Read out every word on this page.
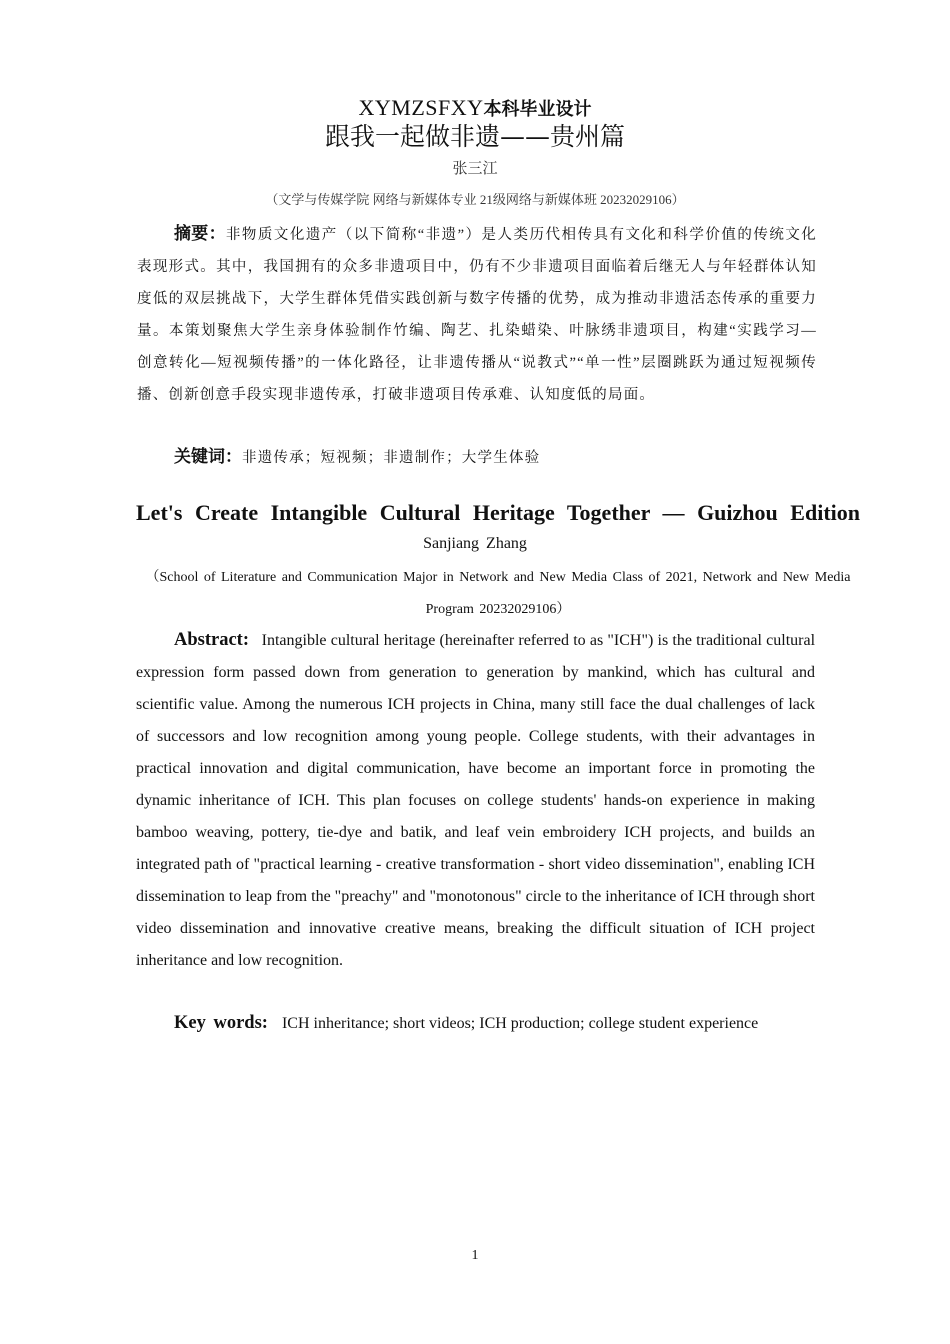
XYMZSFXY本科毕业设计
跟我一起做非遗——贵州篇
张三江
（文学与传媒学院 网络与新媒体专业 21级网络与新媒体班 20232029106）
摘要：非物质文化遗产（以下简称“非遗”）是人类历代相传具有文化和科学价值的传统文化表现形式。其中，我国拥有的众多非遗项目中，仍有不少非遗项目面临着后继无人与年轻群体认知度低的双层挑战下，大学生群体凭借实践创新与数字传播的优势，成为推动非遗活态传承的重要力量。本策划聚焦大学生亲身体验制作竹编、陶艺、扎染蜡染、叶脉绣非遗项目，构建“实践学习—创意转化—短视频传播”的一体化路径，让非遗传播从“说教式”“单一性”层圈跳跃为通过短视频传播、创新创意手段实现非遗传承，打破非遗项目传承难、认知度低的局面。
关键词：非遗传承；短视频；非遗制作；大学生体验
Let's Create Intangible Cultural Heritage Together — Guizhou Edition
Sanjiang Zhang
（School of Literature and Communication Major in Network and New Media Class of 2021, Network and New Media Program 20232029106）
Abstract: Intangible cultural heritage (hereinafter referred to as "ICH") is the traditional cultural expression form passed down from generation to generation by mankind, which has cultural and scientific value. Among the numerous ICH projects in China, many still face the dual challenges of lack of successors and low recognition among young people. College students, with their advantages in practical innovation and digital communication, have become an important force in promoting the dynamic inheritance of ICH. This plan focuses on college students' hands-on experience in making bamboo weaving, pottery, tie-dye and batik, and leaf vein embroidery ICH projects, and builds an integrated path of "practical learning - creative transformation - short video dissemination", enabling ICH dissemination to leap from the "preachy" and "monotonous" circle to the inheritance of ICH through short video dissemination and innovative creative means, breaking the difficult situation of ICH project inheritance and low recognition.
Key words: ICH inheritance; short videos; ICH production; college student experience
1
